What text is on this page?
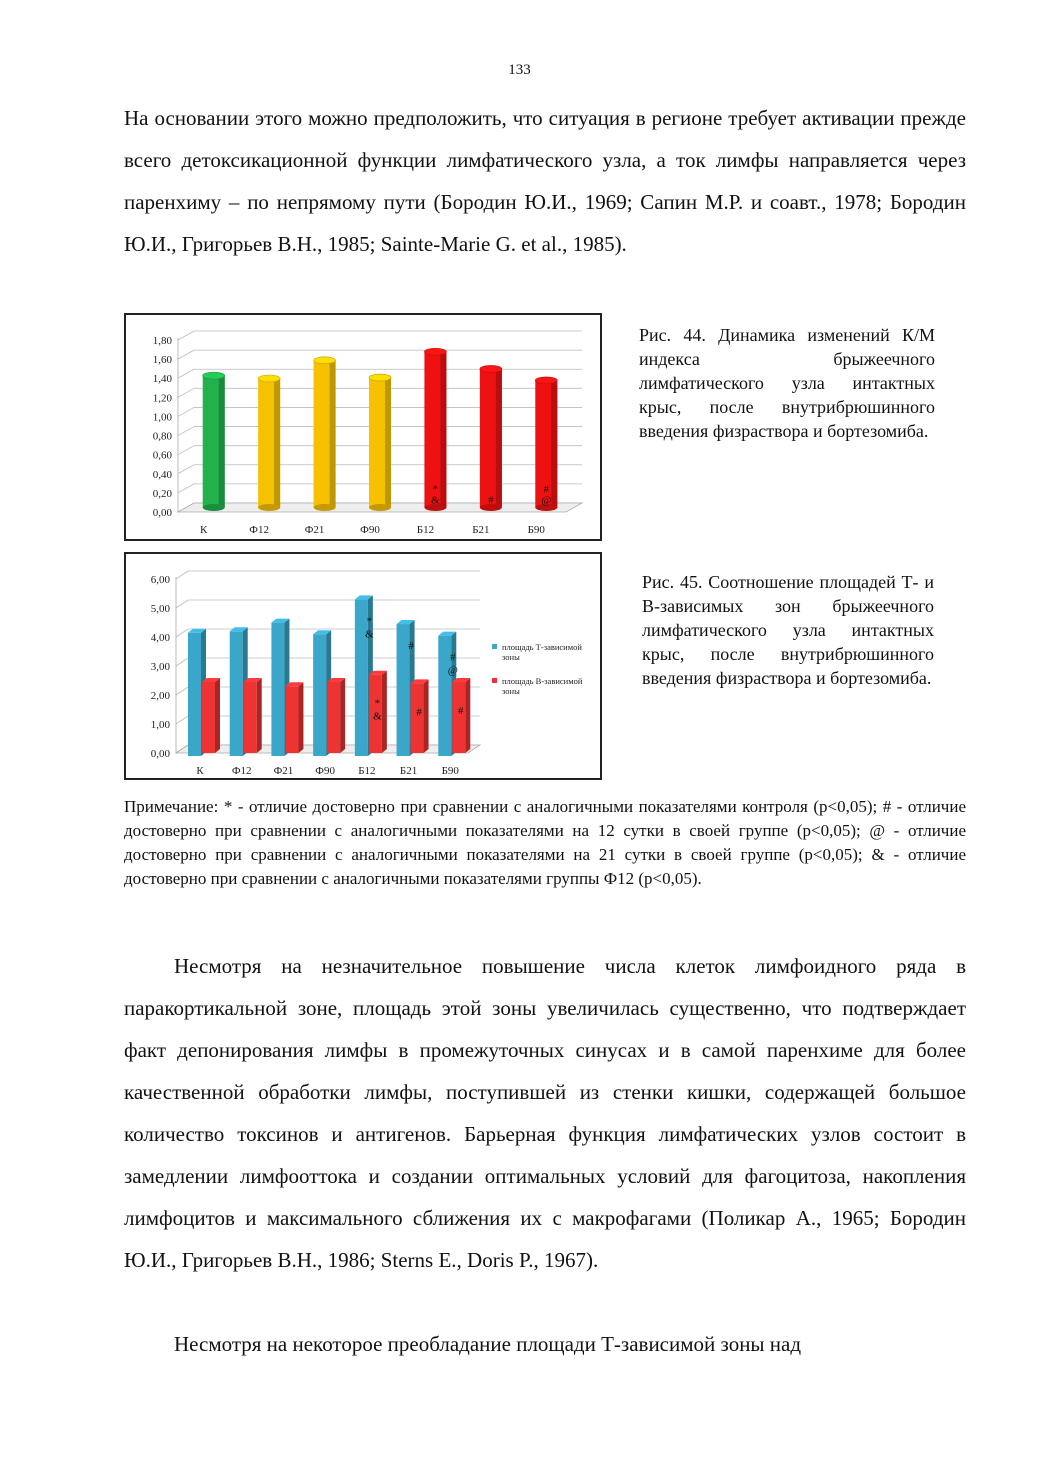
133

На основании этого можно предположить, что ситуация в регионе требует активации прежде всего детоксикационной функции лимфатического узла, а ток лимфы направляется через паренхиму – по непрямому пути (Бородин Ю.И., 1969; Сапин М.Р. и соавт., 1978; Бородин Ю.И., Григорьев В.Н., 1985; Sainte-Marie G. et al., 1985).

0,00
0,20
0,40
0,60
0,80
1,00
1,20
1,40
1,60
1,80
К	Ф12	Ф21	Ф90	Б12
*
&
Б21
#
Б90
#
@

Рис. 44. Динамика изменений К/М индекса брыжеечного лимфатического узла интактных крыс, после внутрибрюшинного введения физраствора и бортезомиба.

0,00
1,00
2,00
3,00
4,00
5,00
6,00
К	Ф12 Ф21 Ф90
*
&
*
&
Б12
#
#
Б21
#
@
#
Б90
площадь Т-зависимой
зоны
площадь В-зависимой
зоны

Рис. 45. Соотношение площадей Т- и В-зависимых зон брыжеечного лимфатического узла интактных крыс, после внутрибрюшинного введения физраствора и бортезомиба.

Примечание: * - отличие достоверно при сравнении с аналогичными показателями контроля (p<0,05); # - отличие достоверно при сравнении с аналогичными показателями на 12 сутки в своей группе (p<0,05); @ - отличие достоверно при сравнении с аналогичными показателями на 21 сутки в своей группе (p<0,05); & - отличие достоверно при сравнении с аналогичными показателями группы Ф12 (p<0,05).

Несмотря на незначительное повышение числа клеток лимфоидного ряда в паракортикальной зоне, площадь этой зоны увеличилась существенно, что подтверждает факт депонирования лимфы в промежуточных синусах и в самой паренхиме для более качественной обработки лимфы, поступившей из стенки кишки, содержащей большое количество токсинов и антигенов. Барьерная функция лимфатических узлов состоит в замедлении лимфооттока и создании оптимальных условий для фагоцитоза, накопления лимфоцитов и максимального сближения их с макрофагами (Поликар А., 1965; Бородин Ю.И., Григорьев В.Н., 1986; Sterns E., Doris P., 1967).

Несмотря на некоторое преобладание площади Т-зависимой зоны над
